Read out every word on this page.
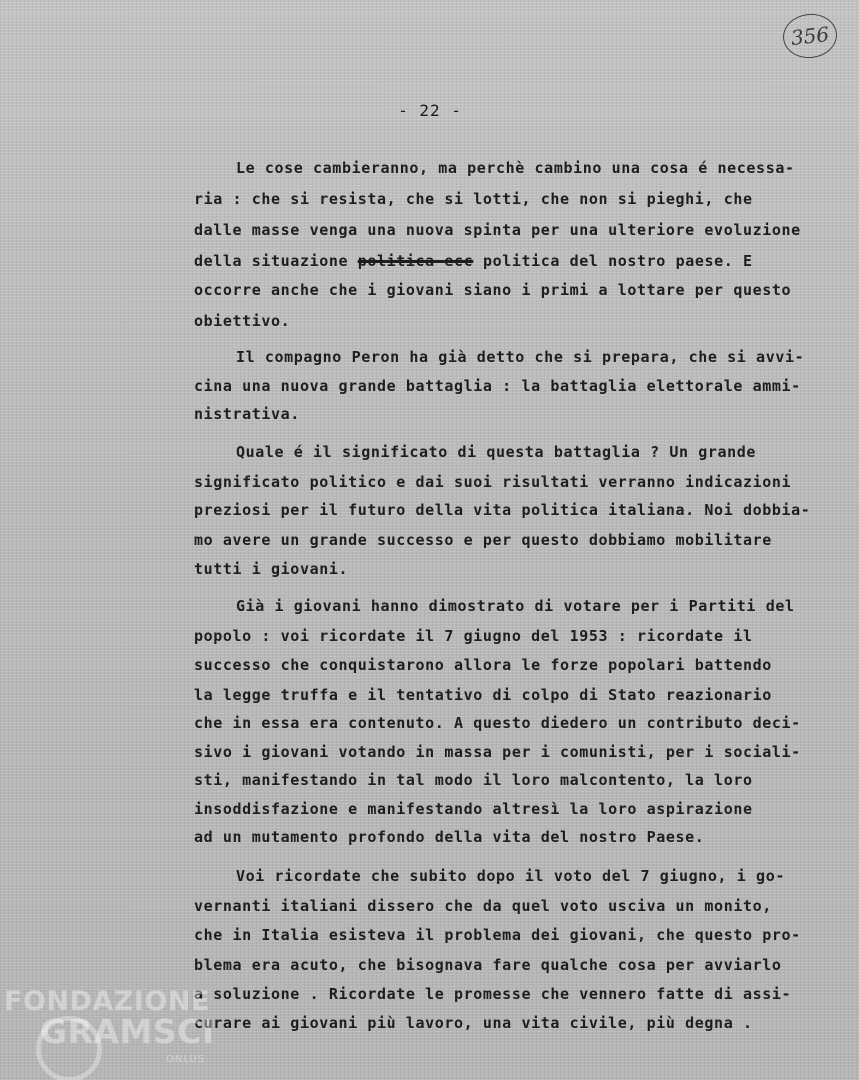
356
- 22 -
Le cose cambieranno, ma perchè cambino una cosa é necessa-
ria : che si resista, che si lotti, che non si pieghi, che
dalle masse venga una nuova spinta per una ulteriore evoluzione
della situazione politica ecc politica del nostro paese. E
occorre anche che i giovani siano i primi a lottare per questo
obiettivo.
Il compagno Peron ha già detto che si prepara, che si avvi-
cina una nuova grande battaglia : la battaglia elettorale ammi-
nistrativa.
Quale é il significato di questa battaglia ? Un grande
significato politico e dai suoi risultati verranno indicazioni
preziosi per il futuro della vita politica italiana. Noi dobbia-
mo avere un grande successo e per questo dobbiamo mobilitare
tutti i giovani.
Già i giovani hanno dimostrato di votare per i Partiti del
popolo : voi ricordate il 7 giugno del 1953 : ricordate il
successo che conquistarono allora le forze popolari battendo
la legge truffa e il tentativo di colpo di Stato reazionario
che in essa era contenuto. A questo diedero un contributo deci-
sivo i giovani votando in massa per i comunisti, per i sociali-
sti, manifestando in tal modo il loro malcontento, la loro
insoddisfazione e manifestando altresì la loro aspirazione
ad un mutamento profondo della vita del nostro Paese.
Voi ricordate che subito dopo il voto del 7 giugno, i go-
vernanti italiani dissero che da quel voto usciva un monito,
che in Italia esisteva il problema dei giovani, che questo pro-
blema era acuto, che bisognava fare qualche cosa per avviarlo
a soluzione . Ricordate le promesse che vennero fatte di assi-
curare ai giovani più lavoro, una vita civile, più degna .
FONDAZIONE
GRAMSCI
ONLUS
